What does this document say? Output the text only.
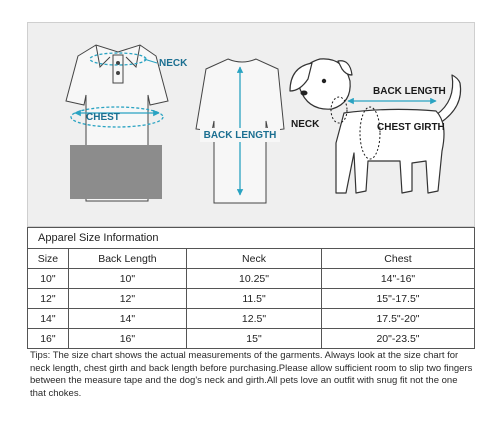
NECK
CHEST
BACK LENGTH
BACK LENGTH
NECK	CHEST GIRTH
Apparel Size Information			
Size	Back Length	Neck	Chest
10"	10"	10.25"	14"-16"
12"	12"	11.5"	15"-17.5"
14"	14"	12.5"	17.5"-20"
16"	16"	15"	20"-23.5"

Tips: The size chart shows the actual measurements of the garments. Always look at the size chart for neck length, chest girth and back length before purchasing.Please allow sufficient room to slip two fingers between the measure tape and the dog's neck and girth.All pets love an outfit with snug fit not the one that chokes.
